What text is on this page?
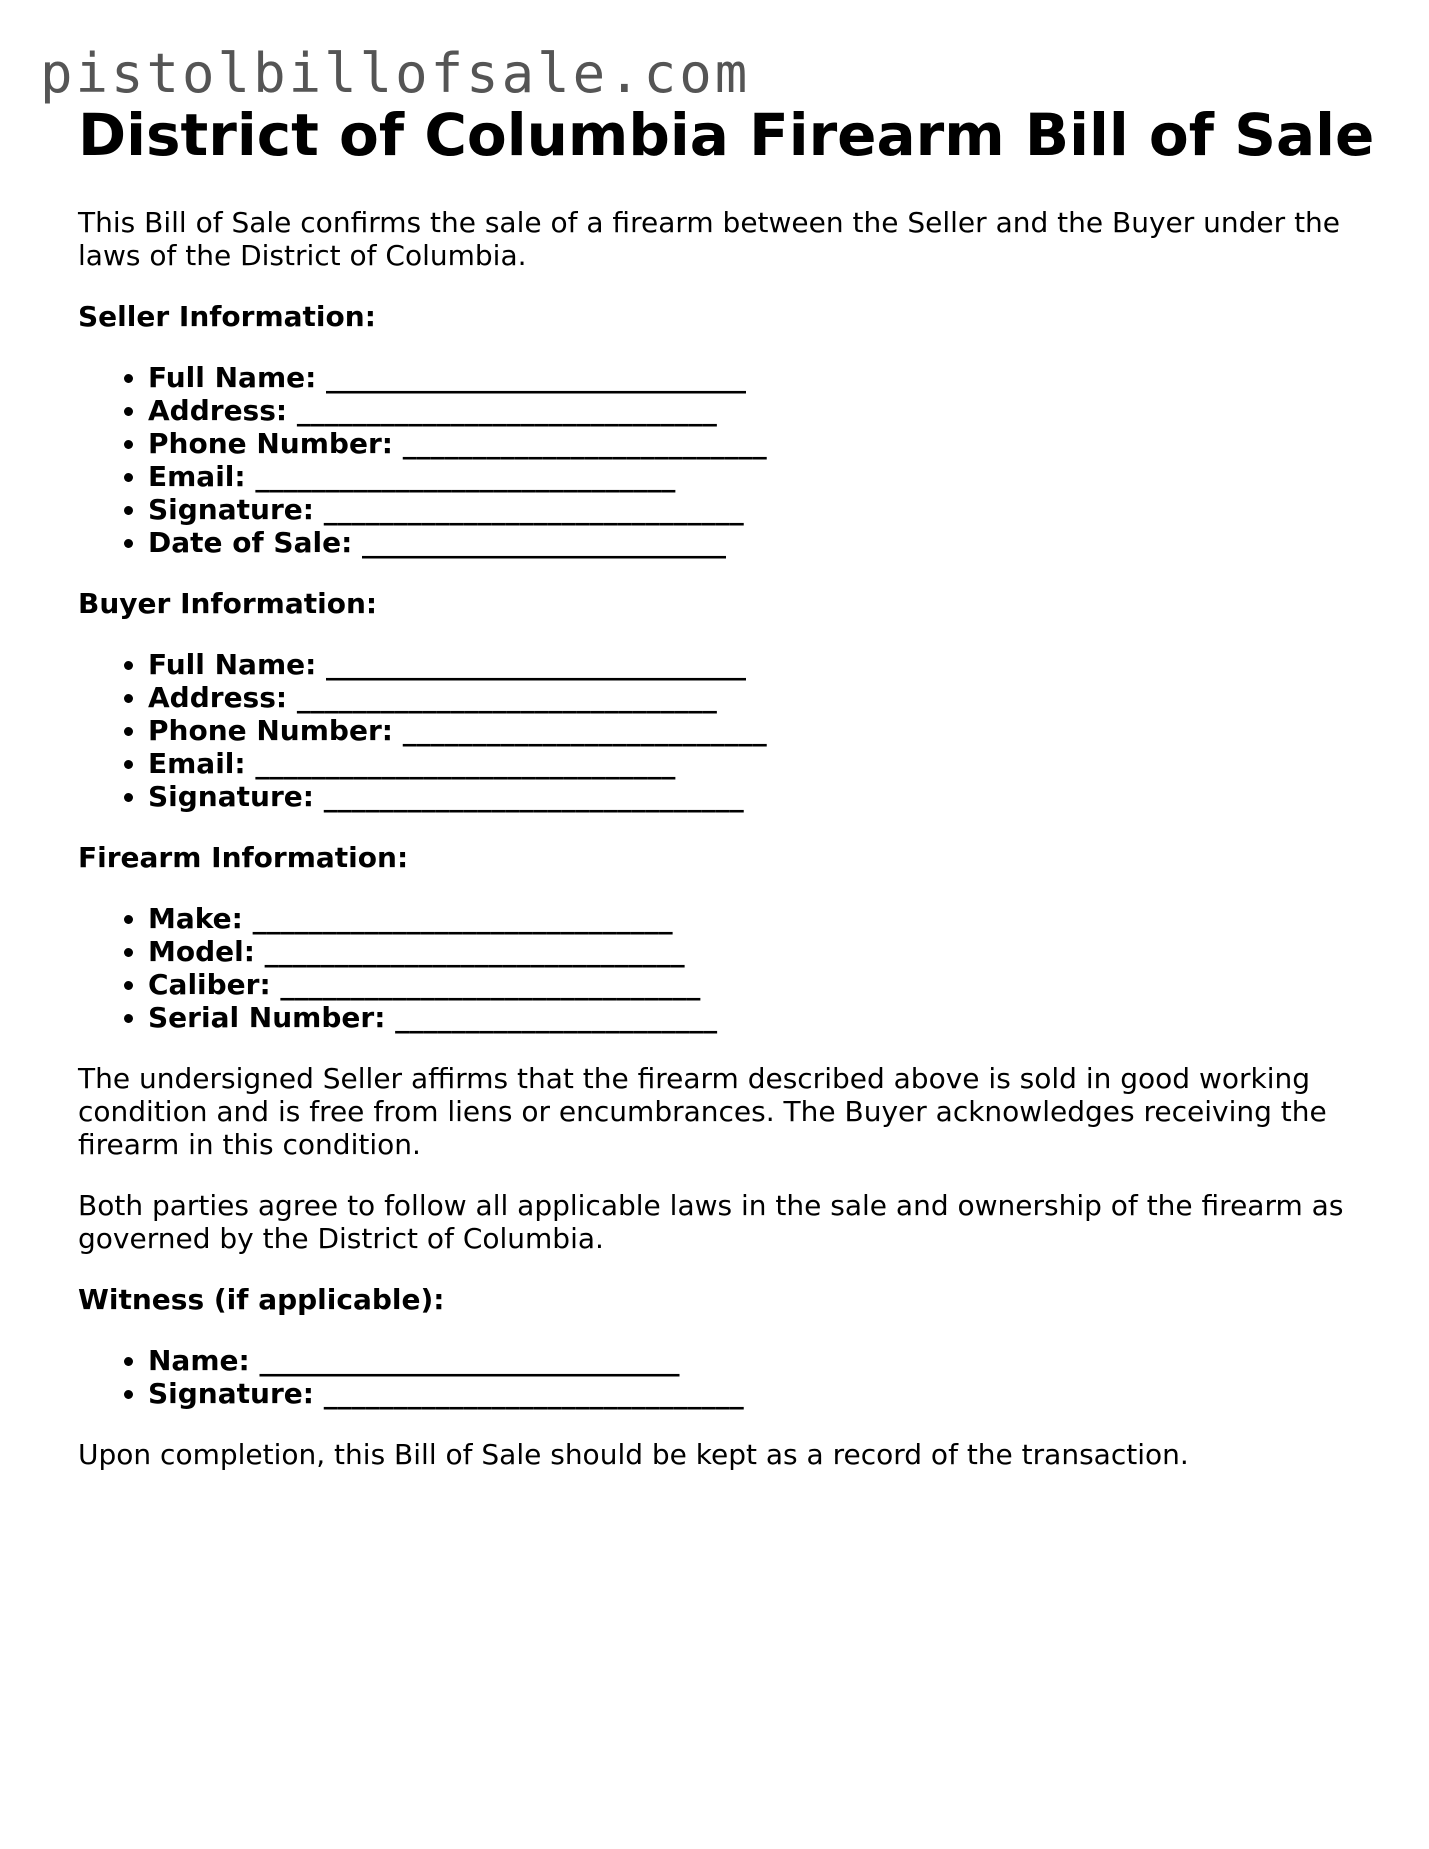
pistolbillofsale.com
District of Columbia Firearm Bill of Sale

This Bill of Sale confirms the sale of a firearm between the Seller and the Buyer under the laws of the District of Columbia.

Seller Information:

• Full Name: ______________________________
• Address: ______________________________
• Phone Number: __________________________
• Email: ______________________________
• Signature: ______________________________
• Date of Sale: __________________________

Buyer Information:

• Full Name: ______________________________
• Address: ______________________________
• Phone Number: __________________________
• Email: ______________________________
• Signature: ______________________________

Firearm Information:

• Make: ______________________________
• Model: ______________________________
• Caliber: ______________________________
• Serial Number: _______________________

The undersigned Seller affirms that the firearm described above is sold in good working condition and is free from liens or encumbrances. The Buyer acknowledges receiving the firearm in this condition.

Both parties agree to follow all applicable laws in the sale and ownership of the firearm as governed by the District of Columbia.

Witness (if applicable):

• Name: ______________________________
• Signature: ______________________________

Upon completion, this Bill of Sale should be kept as a record of the transaction.
